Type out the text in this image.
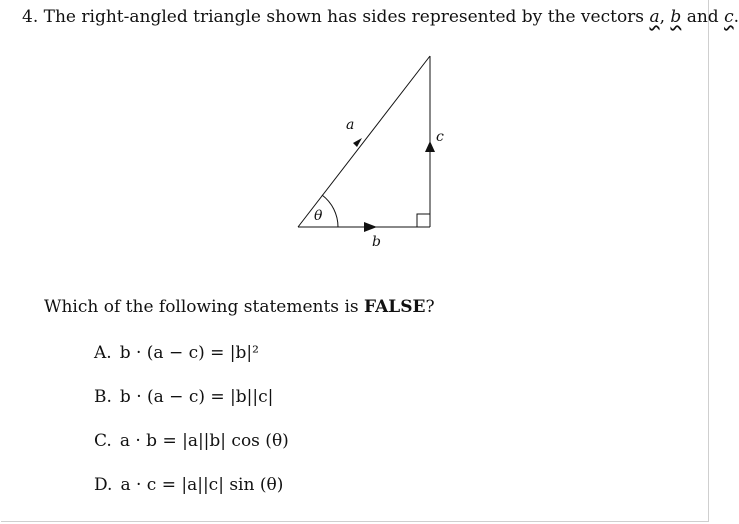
4. The right-angled triangle shown has sides represented by the vectors a, b and c.
a
b
c
θ
Which of the following statements is FALSE?
A. b · (a − c) = |b|²
B. b · (a − c) = |b||c|
C. a · b = |a||b| cos (θ)
D. a · c = |a||c| sin (θ)
